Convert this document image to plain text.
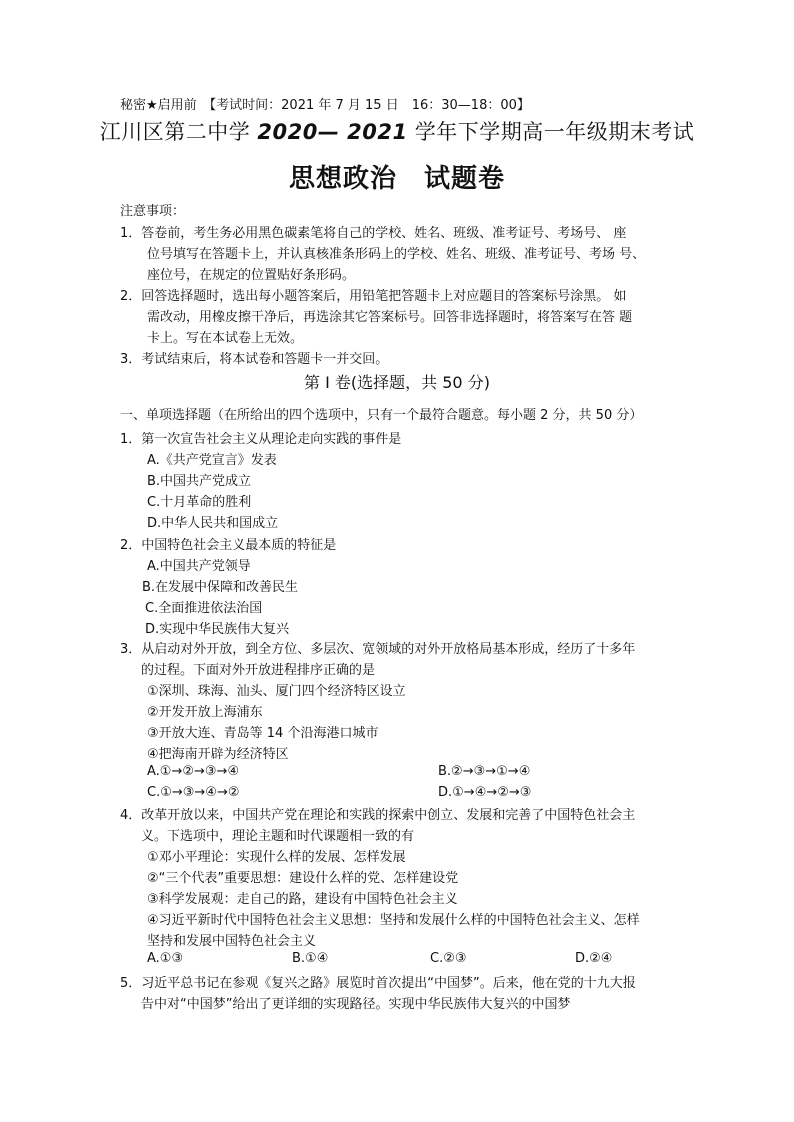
秘密★启用前　【考试时间：2021 年 7 月 15 日　16：30—18：00】
江川区第二中学 2020— 2021 学年下学期高一年级期末考试
思想政治　试题卷
注意事项：
1．答卷前，考生务必用黑色碳素笔将自己的学校、姓名、班级、准考证号、考场号、 座
位号填写在答题卡上，并认真核准条形码上的学校、姓名、班级、准考证号、考场 号、
座位号，在规定的位置贴好条形码。
2．回答选择题时，选出每小题答案后，用铅笔把答题卡上对应题目的答案标号涂黑。 如
需改动，用橡皮擦干净后，再选涂其它答案标号。回答非选择题时，将答案写在答 题
卡上。写在本试卷上无效。
3．考试结束后，将本试卷和答题卡一并交回。
第 I 卷(选择题，共 50 分)
一、单项选择题（在所给出的四个选项中，只有一个最符合题意。每小题 2 分，共 50 分）
1．第一次宣告社会主义从理论走向实践的事件是
A.《共产党宣言》发表
B.中国共产党成立
C.十月革命的胜利
D.中华人民共和国成立
2．中国特色社会主义最本质的特征是
A.中国共产党领导
B.在发展中保障和改善民生
C.全面推进依法治国
D.实现中华民族伟大复兴
3．从启动对外开放，到全方位、多层次、宽领域的对外开放格局基本形成，经历了十多年
的过程。下面对外开放进程排序正确的是
①深圳、珠海、汕头、厦门四个经济特区设立
②开发开放上海浦东
③开放大连、青岛等 14 个沿海港口城市
④把海南开辟为经济特区
A.①→②→③→④	B.②→③→①→④
C.①→③→④→②	D.①→④→②→③
4．改革开放以来，中国共产党在理论和实践的探索中创立、发展和完善了中国特色社会主
义。下选项中，理论主题和时代课题相一致的有
①邓小平理论：实现什么样的发展、怎样发展
②“三个代表”重要思想：建设什么样的党、怎样建设党
③科学发展观：走自己的路，建设有中国特色社会主义
④习近平新时代中国特色社会主义思想：坚持和发展什么样的中国特色社会主义、怎样
坚持和发展中国特色社会主义
A.①③	B.①④	C.②③	D.②④
5．习近平总书记在参观《复兴之路》展览时首次提出“中国梦”。后来，他在党的十九大报
告中对“中国梦”给出了更详细的实现路径。实现中华民族伟大复兴的中国梦
